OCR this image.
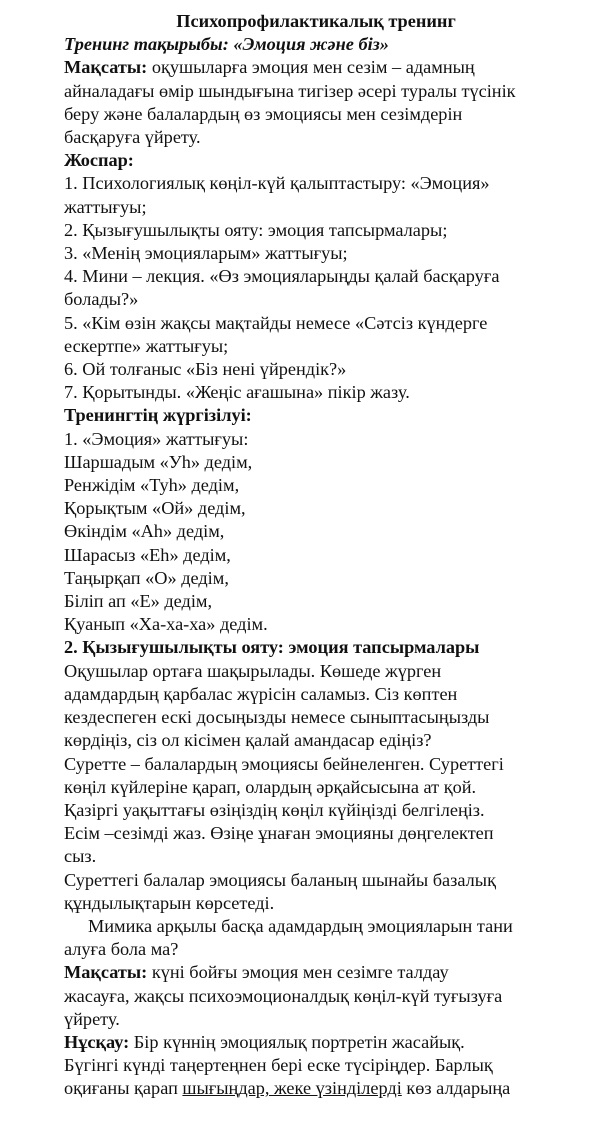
Психопрофилактикалық тренинг
Тренинг тақырыбы: «Эмоция және біз»
Мақсаты: оқушыларға эмоция мен сезім – адамның
айналадағы өмір шындығына тигізер әсері туралы түсінік
беру және балалардың өз эмоциясы мен сезімдерін
басқаруға үйрету.
Жоспар:
1. Психологиялық көңіл-күй қалыптастыру: «Эмоция»
жаттығуы;
2. Қызығушылықты ояту: эмоция тапсырмалары;
3. «Менің эмоцияларым» жаттығуы;
4. Мини – лекция. «Өз эмоцияларыңды қалай басқаруға
болады?»
5. «Кім өзін жақсы мақтайды немесе «Сәтсіз күндерге
ескертпе» жаттығуы;
6. Ой толғаныс «Біз нені үйрендік?»
7. Қорытынды. «Жеңіс ағашына» пікір жазу.
Тренингтің жүргізілуі:
1. «Эмоция» жаттығуы:
Шаршадым «Уһ» дедім,
Ренжідім «Туһ» дедім,
Қорықтым «Ой» дедім,
Өкіндім «Аһ» дедім,
Шарасыз «Еһ» дедім,
Таңырқап «О» дедім,
Біліп ап «Е» дедім,
Қуанып «Ха-ха-ха» дедім.
2. Қызығушылықты ояту: эмоция тапсырмалары
Оқушылар ортаға шақырылады. Көшеде жүрген
адамдардың қарбалас жүрісін саламыз. Сіз көптен
кездеспеген ескі досыңызды немесе сыныптасыңызды
көрдіңіз, сіз ол кісімен қалай амандасар едіңіз?
Суретте – балалардың эмоциясы бейнеленген. Суреттегі
көңіл күйлеріне қарап, олардың әрқайсысына ат қой.
Қазіргі уақыттағы өзіңіздің көңіл күйіңізді белгілеңіз.
Есім –сезімді жаз. Өзіңе ұнаған эмоцияны дөңгелектеп
сыз.
Суреттегі балалар эмоциясы баланың шынайы базалық
құндылықтарын көрсетеді.
Мимика арқылы басқа адамдардың эмоцияларын тани
алуға бола ма?
Мақсаты: күні бойғы эмоция мен сезімге талдау
жасауға, жақсы психоэмоционалдық көңіл-күй туғызуға
үйрету.
Нұсқау: Бір күннің эмоциялық портретін жасайық.
Бүгінгі күнді таңертеңнен бері еске түсіріңдер. Барлық
оқиғаны қарап шығыңдар, жеке үзінділерді көз алдарыңа
